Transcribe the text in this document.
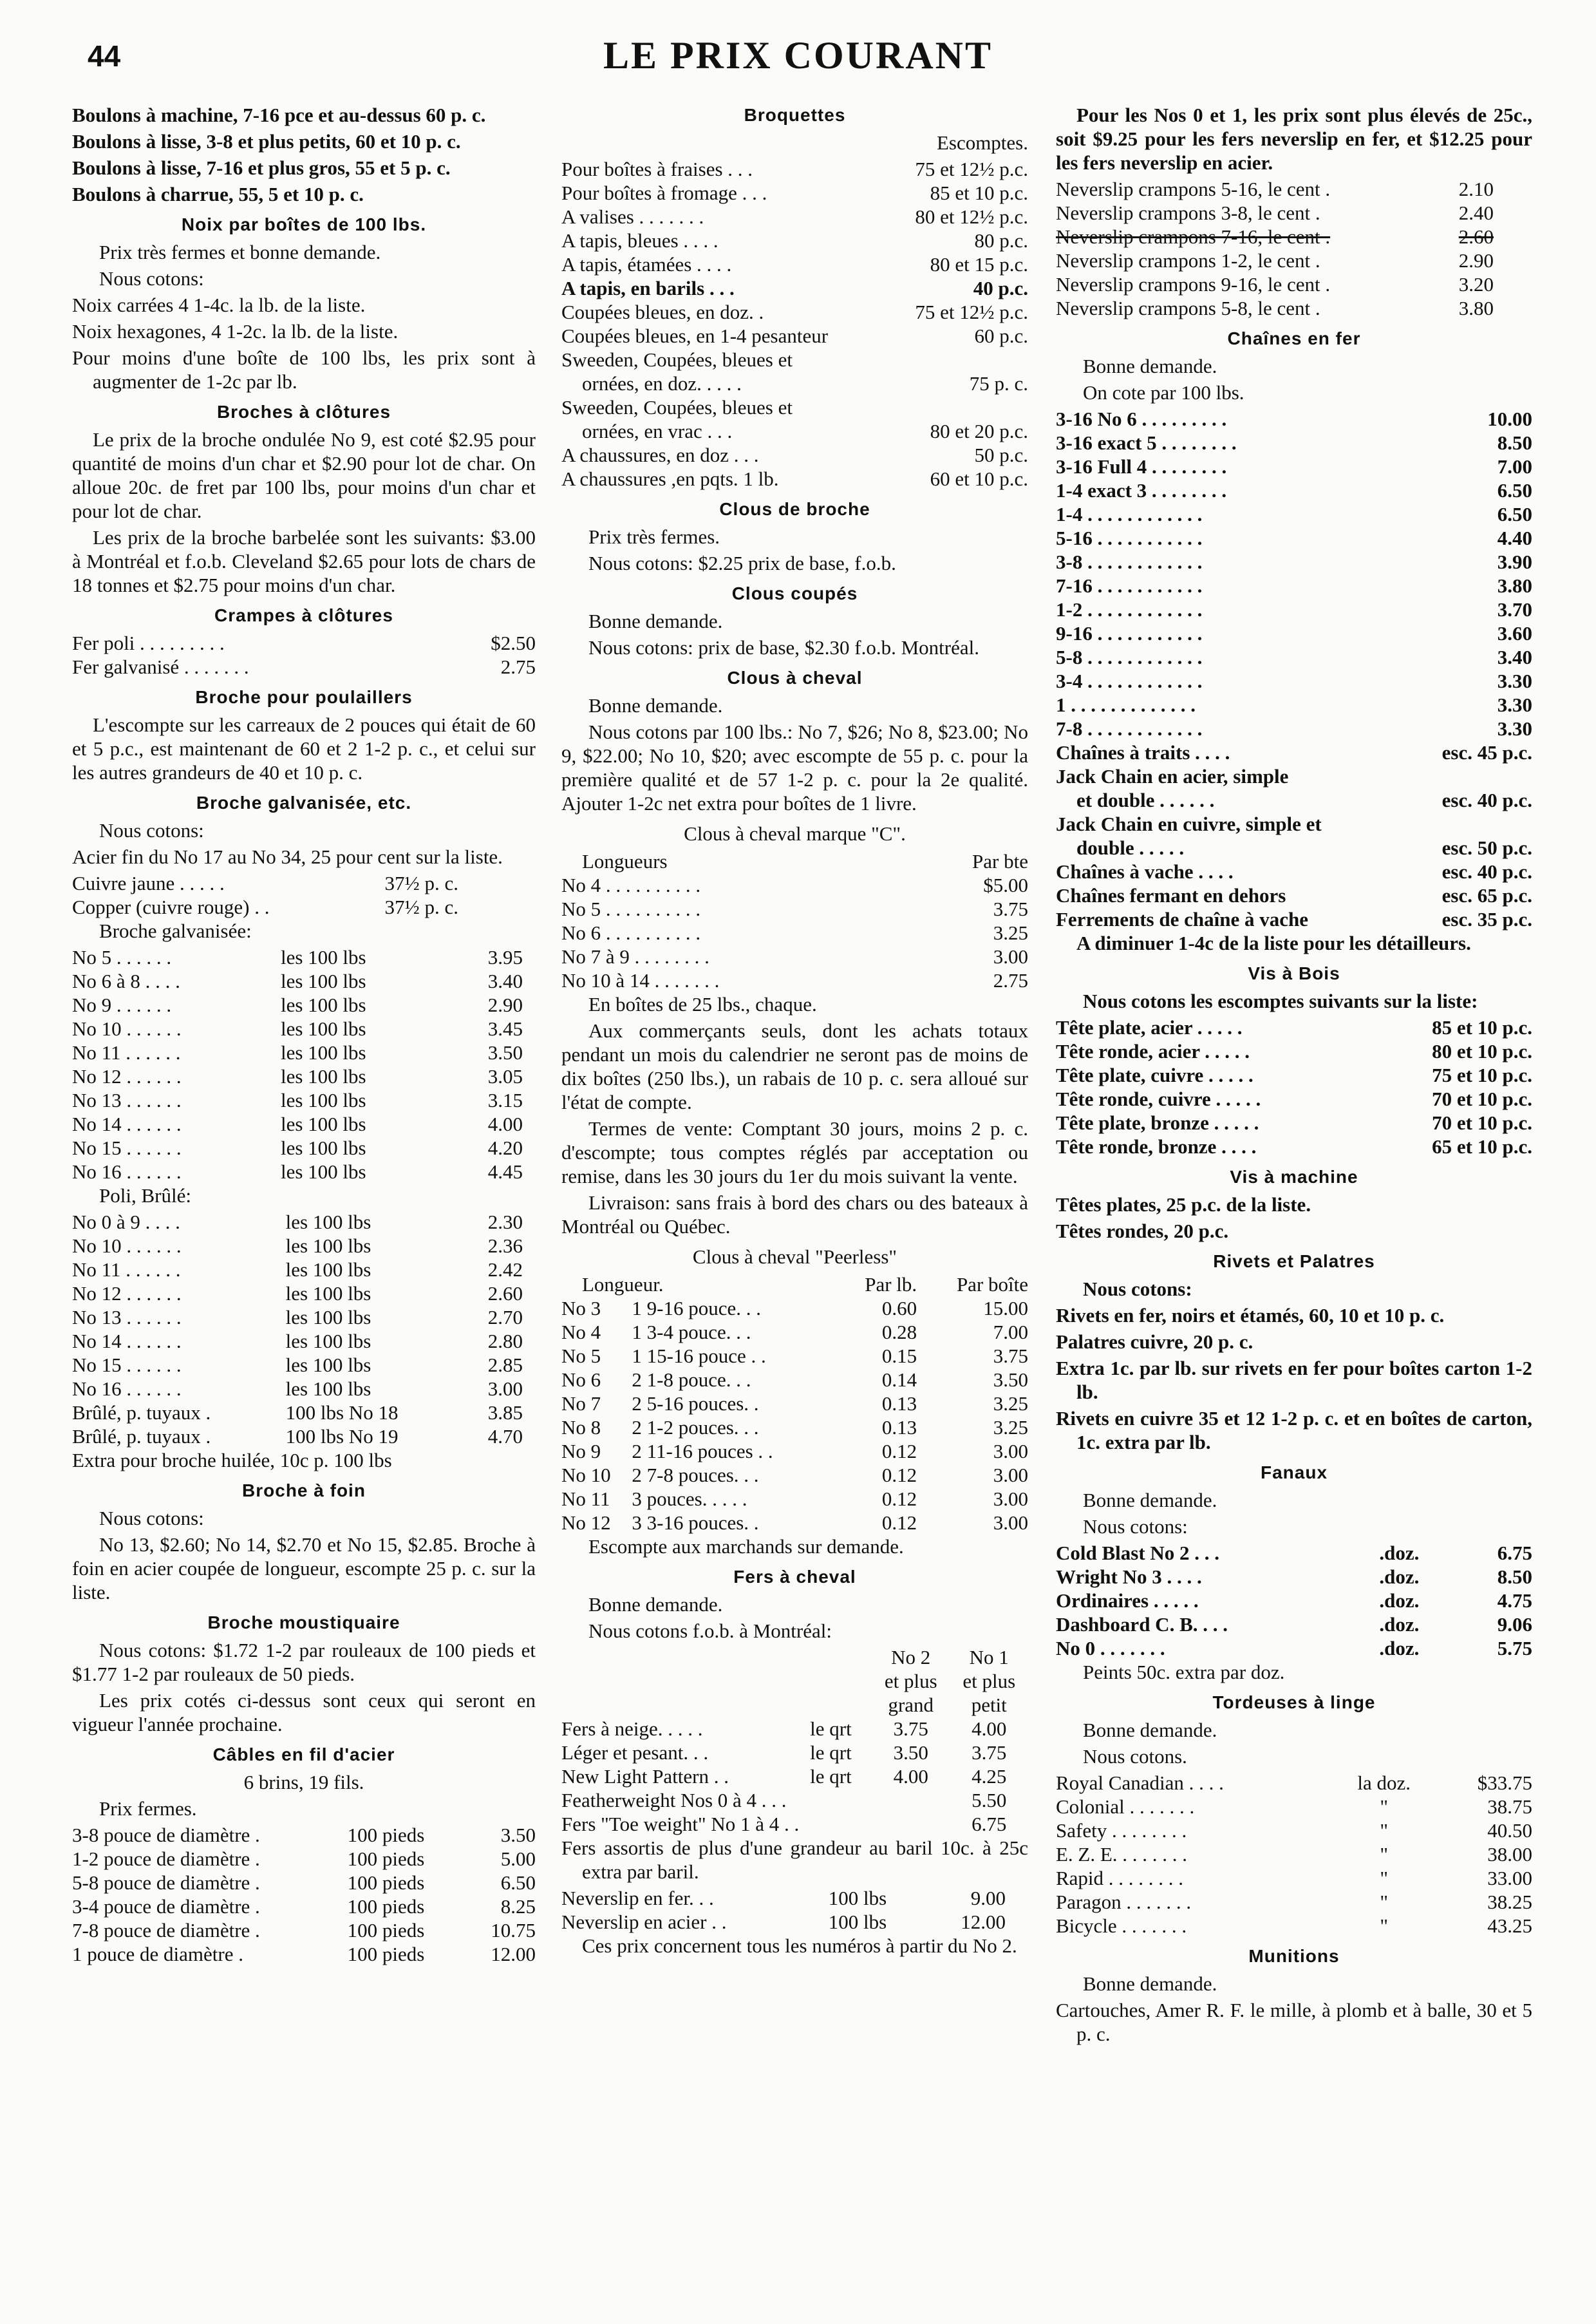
44	LE PRIX COURANT
Boulons à machine, 7-16 pce et au-dessus 60 p. c.
Boulons à lisse, 3-8 et plus petits, 60 et 10 p. c.
Boulons à lisse, 7-16 et plus gros, 55 et 5 p. c.
Boulons à charrue, 55, 5 et 10 p. c.
Noix par boîtes de 100 lbs.
Prix très fermes et bonne demande.
Nous cotons:
Noix carrées 4 1-4c. la lb. de la liste.
Noix hexagones, 4 1-2c. la lb. de la liste.
Pour moins d'une boîte de 100 lbs, les prix sont à augmenter de 1-2c par lb.
Broches à clôtures
Le prix de la broche ondulée No 9, est coté $2.95 pour quantité de moins d'un char et $2.90 pour lot de char. On alloue 20c. de fret par 100 lbs, pour moins d'un char et pour lot de char.
Les prix de la broche barbelée sont les suivants: $3.00 à Montréal et f.o.b. Cleveland $2.65 pour lots de chars de 18 tonnes et $2.75 pour moins d'un char.
Crampes à clôtures
Fer poli . . . . . . . . .	$2.50
Fer galvanisé . . . . . . .	2.75
Broche pour poulaillers
L'escompte sur les carreaux de 2 pouces qui était de 60 et 5 p.c., est maintenant de 60 et 2 1-2 p. c., et celui sur les autres grandeurs de 40 et 10 p. c.
Broche galvanisée, etc.
Nous cotons:
Acier fin du No 17 au No 34, 25 pour cent sur la liste.
Cuivre jaune . . . . .	37½ p. c.
Copper (cuivre rouge) . .	37½ p. c.
Broche galvanisée:
No 5 . . . . . .	les 100 lbs	3.95
No 6 à 8 . . . .	les 100 lbs	3.40
No 9 . . . . . .	les 100 lbs	2.90
No 10 . . . . . .	les 100 lbs	3.45
No 11 . . . . . .	les 100 lbs	3.50
No 12 . . . . . .	les 100 lbs	3.05
No 13 . . . . . .	les 100 lbs	3.15
No 14 . . . . . .	les 100 lbs	4.00
No 15 . . . . . .	les 100 lbs	4.20
No 16 . . . . . .	les 100 lbs	4.45
Poli, Brûlé:
No 0 à 9 . . . .	les 100 lbs	2.30
No 10 . . . . . .	les 100 lbs	2.36
No 11 . . . . . .	les 100 lbs	2.42
No 12 . . . . . .	les 100 lbs	2.60
No 13 . . . . . .	les 100 lbs	2.70
No 14 . . . . . .	les 100 lbs	2.80
No 15 . . . . . .	les 100 lbs	2.85
No 16 . . . . . .	les 100 lbs	3.00
Brûlé, p. tuyaux .	100 lbs No 18	3.85
Brûlé, p. tuyaux .	100 lbs No 19	4.70
Extra pour broche huilée, 10c p. 100 lbs
Broche à foin
Nous cotons:
No 13, $2.60; No 14, $2.70 et No 15, $2.85. Broche à foin en acier coupée de longueur, escompte 25 p. c. sur la liste.
Broche moustiquaire
Nous cotons: $1.72 1-2 par rouleaux de 100 pieds et $1.77 1-2 par rouleaux de 50 pieds.
Les prix cotés ci-dessus sont ceux qui seront en vigueur l'année prochaine.
Câbles en fil d'acier
6 brins, 19 fils.
Prix fermes.
3-8 pouce de diamètre .	100 pieds	3.50
1-2 pouce de diamètre .	100 pieds	5.00
5-8 pouce de diamètre .	100 pieds	6.50
3-4 pouce de diamètre .	100 pieds	8.25
7-8 pouce de diamètre .	100 pieds	10.75
1 pouce de diamètre .	100 pieds	12.00
Broquettes
Escomptes.
Pour boîtes à fraises . . .	75 et 12½ p.c.
Pour boîtes à fromage . . .	85 et 10 p.c.
A valises . . . . . . .	80 et 12½ p.c.
A tapis, bleues . . . .	80 p.c.
A tapis, étamées . . . .	80 et 15 p.c.
A tapis, en barils . . .	40 p.c.
Coupées bleues, en doz. .	75 et 12½ p.c.
Coupées bleues, en 1-4 pesanteur	60 p.c.
Sweeden, Coupées, bleues et
ornées, en doz. . . . .	75 p. c.
Sweeden, Coupées, bleues et
ornées, en vrac . . .	80 et 20 p.c.
A chaussures, en doz . . .	50 p.c.
A chaussures ,en pqts. 1 lb.	60 et 10 p.c.
Clous de broche
Prix très fermes.
Nous cotons: $2.25 prix de base, f.o.b.
Clous coupés
Bonne demande.
Nous cotons: prix de base, $2.30 f.o.b. Montréal.
Clous à cheval
Bonne demande.
Nous cotons par 100 lbs.: No 7, $26; No 8, $23.00; No 9, $22.00; No 10, $20; avec escompte de 55 p. c. pour la première qualité et de 57 1-2 p. c. pour la 2e qualité. Ajouter 1-2c net extra pour boîtes de 1 livre.
Clous à cheval marque "C".
Longueurs	Par bte
No 4 . . . . . . . . . .	$5.00
No 5 . . . . . . . . . .	3.75
No 6 . . . . . . . . . .	3.25
No 7 à 9 . . . . . . . .	3.00
No 10 à 14 . . . . . . .	2.75
En boîtes de 25 lbs., chaque.
Aux commerçants seuls, dont les achats totaux pendant un mois du calendrier ne seront pas de moins de dix boîtes (250 lbs.), un rabais de 10 p. c. sera alloué sur l'état de compte.
Termes de vente: Comptant 30 jours, moins 2 p. c. d'escompte; tous comptes réglés par acceptation ou remise, dans les 30 jours du 1er du mois suivant la vente.
Livraison: sans frais à bord des chars ou des bateaux à Montréal ou Québec.
Clous à cheval "Peerless"
Longueur.		Par lb.	Par boîte
No 3	1 9-16 pouce. . .	0.60	15.00
No 4	1 3-4 pouce. . .	0.28	7.00
No 5	1 15-16 pouce . .	0.15	3.75
No 6	2 1-8 pouce. . .	0.14	3.50
No 7	2 5-16 pouces. .	0.13	3.25
No 8	2 1-2 pouces. . .	0.13	3.25
No 9	2 11-16 pouces . .	0.12	3.00
No 10	2 7-8 pouces. . .	0.12	3.00
No 11	3 pouces. . . . .	0.12	3.00
No 12	3 3-16 pouces. .	0.12	3.00
Escompte aux marchands sur demande.
Fers à cheval
Bonne demande.
Nous cotons f.o.b. à Montréal:
		No 2	No 1
		et plus	et plus
		grand	petit
Fers à neige. . . . .	le qrt	3.75	4.00
Léger et pesant. . .	le qrt	3.50	3.75
New Light Pattern . .	le qrt	4.00	4.25
Featherweight Nos 0 à 4 . . .			5.50
Fers "Toe weight" No 1 à 4 . .			6.75
Fers assortis de plus d'une grandeur au baril 10c. à 25c extra par baril.
Neverslip en fer. . .	100 lbs	9.00
Neverslip en acier . .	100 lbs	12.00
Ces prix concernent tous les numéros à partir du No 2.
Pour les Nos 0 et 1, les prix sont plus élevés de 25c., soit $9.25 pour les fers neverslip en fer, et $12.25 pour les fers neverslip en acier.
Neverslip crampons 5-16, le cent .	2.10
Neverslip crampons 3-8, le cent .	2.40
Neverslip crampons 7-16, le cent .	2.60
Neverslip crampons 1-2, le cent .	2.90
Neverslip crampons 9-16, le cent .	3.20
Neverslip crampons 5-8, le cent .	3.80
Chaînes en fer
Bonne demande.
On cote par 100 lbs.
3-16 No 6 . . . . . . . . .	10.00
3-16 exact 5 . . . . . . . .	8.50
3-16 Full 4 . . . . . . . .	7.00
1-4 exact 3 . . . . . . . .	6.50
1-4 . . . . . . . . . . . .	6.50
5-16 . . . . . . . . . . .	4.40
3-8 . . . . . . . . . . . .	3.90
7-16 . . . . . . . . . . .	3.80
1-2 . . . . . . . . . . . .	3.70
9-16 . . . . . . . . . . .	3.60
5-8 . . . . . . . . . . . .	3.40
3-4 . . . . . . . . . . . .	3.30
1 . . . . . . . . . . . . .	3.30
7-8 . . . . . . . . . . . .	3.30
Chaînes à traits . . . .	esc. 45 p.c.
Jack Chain en acier, simple
et double . . . . . .	esc. 40 p.c.
Jack Chain en cuivre, simple et
double . . . . .	esc. 50 p.c.
Chaînes à vache . . . .	esc. 40 p.c.
Chaînes fermant en dehors	esc. 65 p.c.
Ferrements de chaîne à vache	esc. 35 p.c.
A diminuer 1-4c de la liste pour les détailleurs.
Vis à Bois
Nous cotons les escomptes suivants sur la liste:
Tête plate, acier . . . . .	85 et 10 p.c.
Tête ronde, acier . . . . .	80 et 10 p.c.
Tête plate, cuivre . . . . .	75 et 10 p.c.
Tête ronde, cuivre . . . . .	70 et 10 p.c.
Tête plate, bronze . . . . .	70 et 10 p.c.
Tête ronde, bronze . . . .	65 et 10 p.c.
Vis à machine
Têtes plates, 25 p.c. de la liste.
Têtes rondes, 20 p.c.
Rivets et Palatres
Nous cotons:
Rivets en fer, noirs et étamés, 60, 10 et 10 p. c.
Palatres cuivre, 20 p. c.
Extra 1c. par lb. sur rivets en fer pour boîtes carton 1-2 lb.
Rivets en cuivre 35 et 12 1-2 p. c. et en boîtes de carton, 1c. extra par lb.
Fanaux
Bonne demande.
Nous cotons:
Cold Blast No 2 . . .	.doz.	6.75
Wright No 3 . . . .	.doz.	8.50
Ordinaires . . . . .	.doz.	4.75
Dashboard C. B. . . .	.doz.	9.06
No 0 . . . . . . .	.doz.	5.75
Peints 50c. extra par doz.
Tordeuses à linge
Bonne demande.
Nous cotons.
Royal Canadian . . . .	la doz.	$33.75
Colonial . . . . . . .	"	38.75
Safety . . . . . . . .	"	40.50
E. Z. E. . . . . . . .	"	38.00
Rapid . . . . . . . .	"	33.00
Paragon . . . . . . .	"	38.25
Bicycle . . . . . . .	"	43.25
Munitions
Bonne demande.
Cartouches, Amer R. F. le mille, à plomb et à balle, 30 et 5 p. c.
